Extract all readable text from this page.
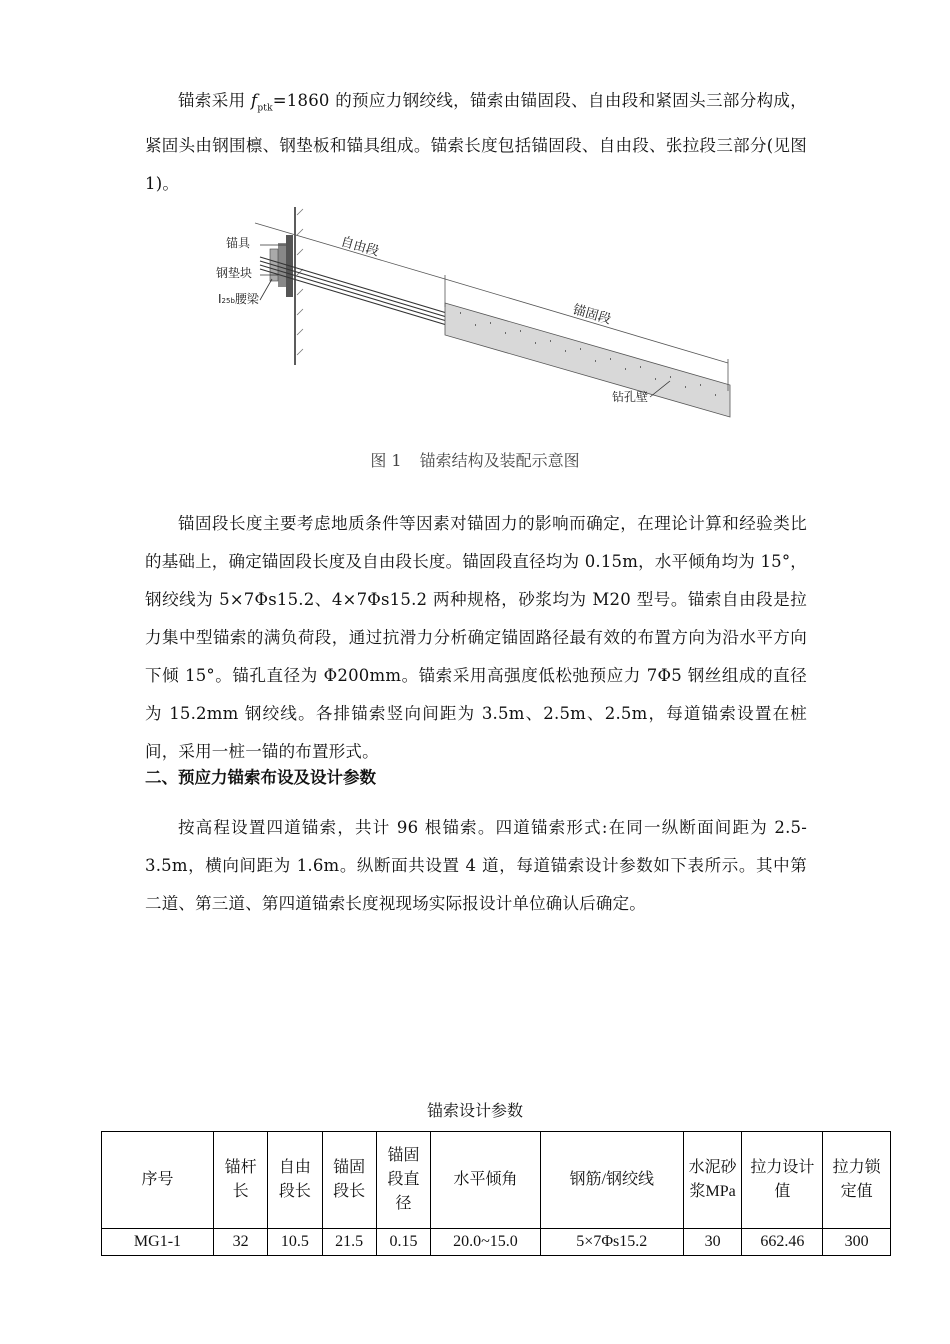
锚索采用 $f_{ptk}=1860$ 的预应力钢绞线，锚索由锚固段、自由段和紧固头三部分构成，紧固头由钢围檩、钢垫板和锚具组成。锚索长度包括锚固段、自由段、张拉段三部分(见图 1)。

锚具
钢垫块
I25b腰梁
自由段
锚固段
钻孔壁
图 1 锚索结构及装配示意图

锚固段长度主要考虑地质条件等因素对锚固力的影响而确定，在理论计算和经验类比的基础上，确定锚固段长度及自由段长度。锚固段直径均为 0.15m，水平倾角均为 15°，钢绞线为 5×7Φs15.2、4×7Φs15.2 两种规格，砂浆均为 M20 型号。锚索自由段是拉力集中型锚索的满负荷段，通过抗滑力分析确定锚固路径最有效的布置方向为沿水平方向下倾 15°。锚孔直径为 Φ200mm。锚索采用高强度低松弛预应力 7Φ5 钢丝组成的直径为 15.2mm 钢绞线。各排锚索竖向间距为 3.5m、2.5m、2.5m，每道锚索设置在桩间，采用一桩一锚的布置形式。

二、预应力锚索布设及设计参数

按高程设置四道锚索，共计 96 根锚索。四道锚索形式:在同一纵断面间距为 2.5-3.5m，横向间距为 1.6m。纵断面共设置 4 道，每道锚索设计参数如下表所示。其中第二道、第三道、第四道锚索长度视现场实际报设计单位确认后确定。

锚索设计参数
序号	锚杆长	自由段长	锚固段长	锚固段直径	水平倾角	钢筋/钢绞线	水泥砂浆MPa	拉力设计值	拉力锁定值
MG1-1	32	10.5	21.5	0.15	20.0~15.0	5×7Φs15.2	30	662.46	300
